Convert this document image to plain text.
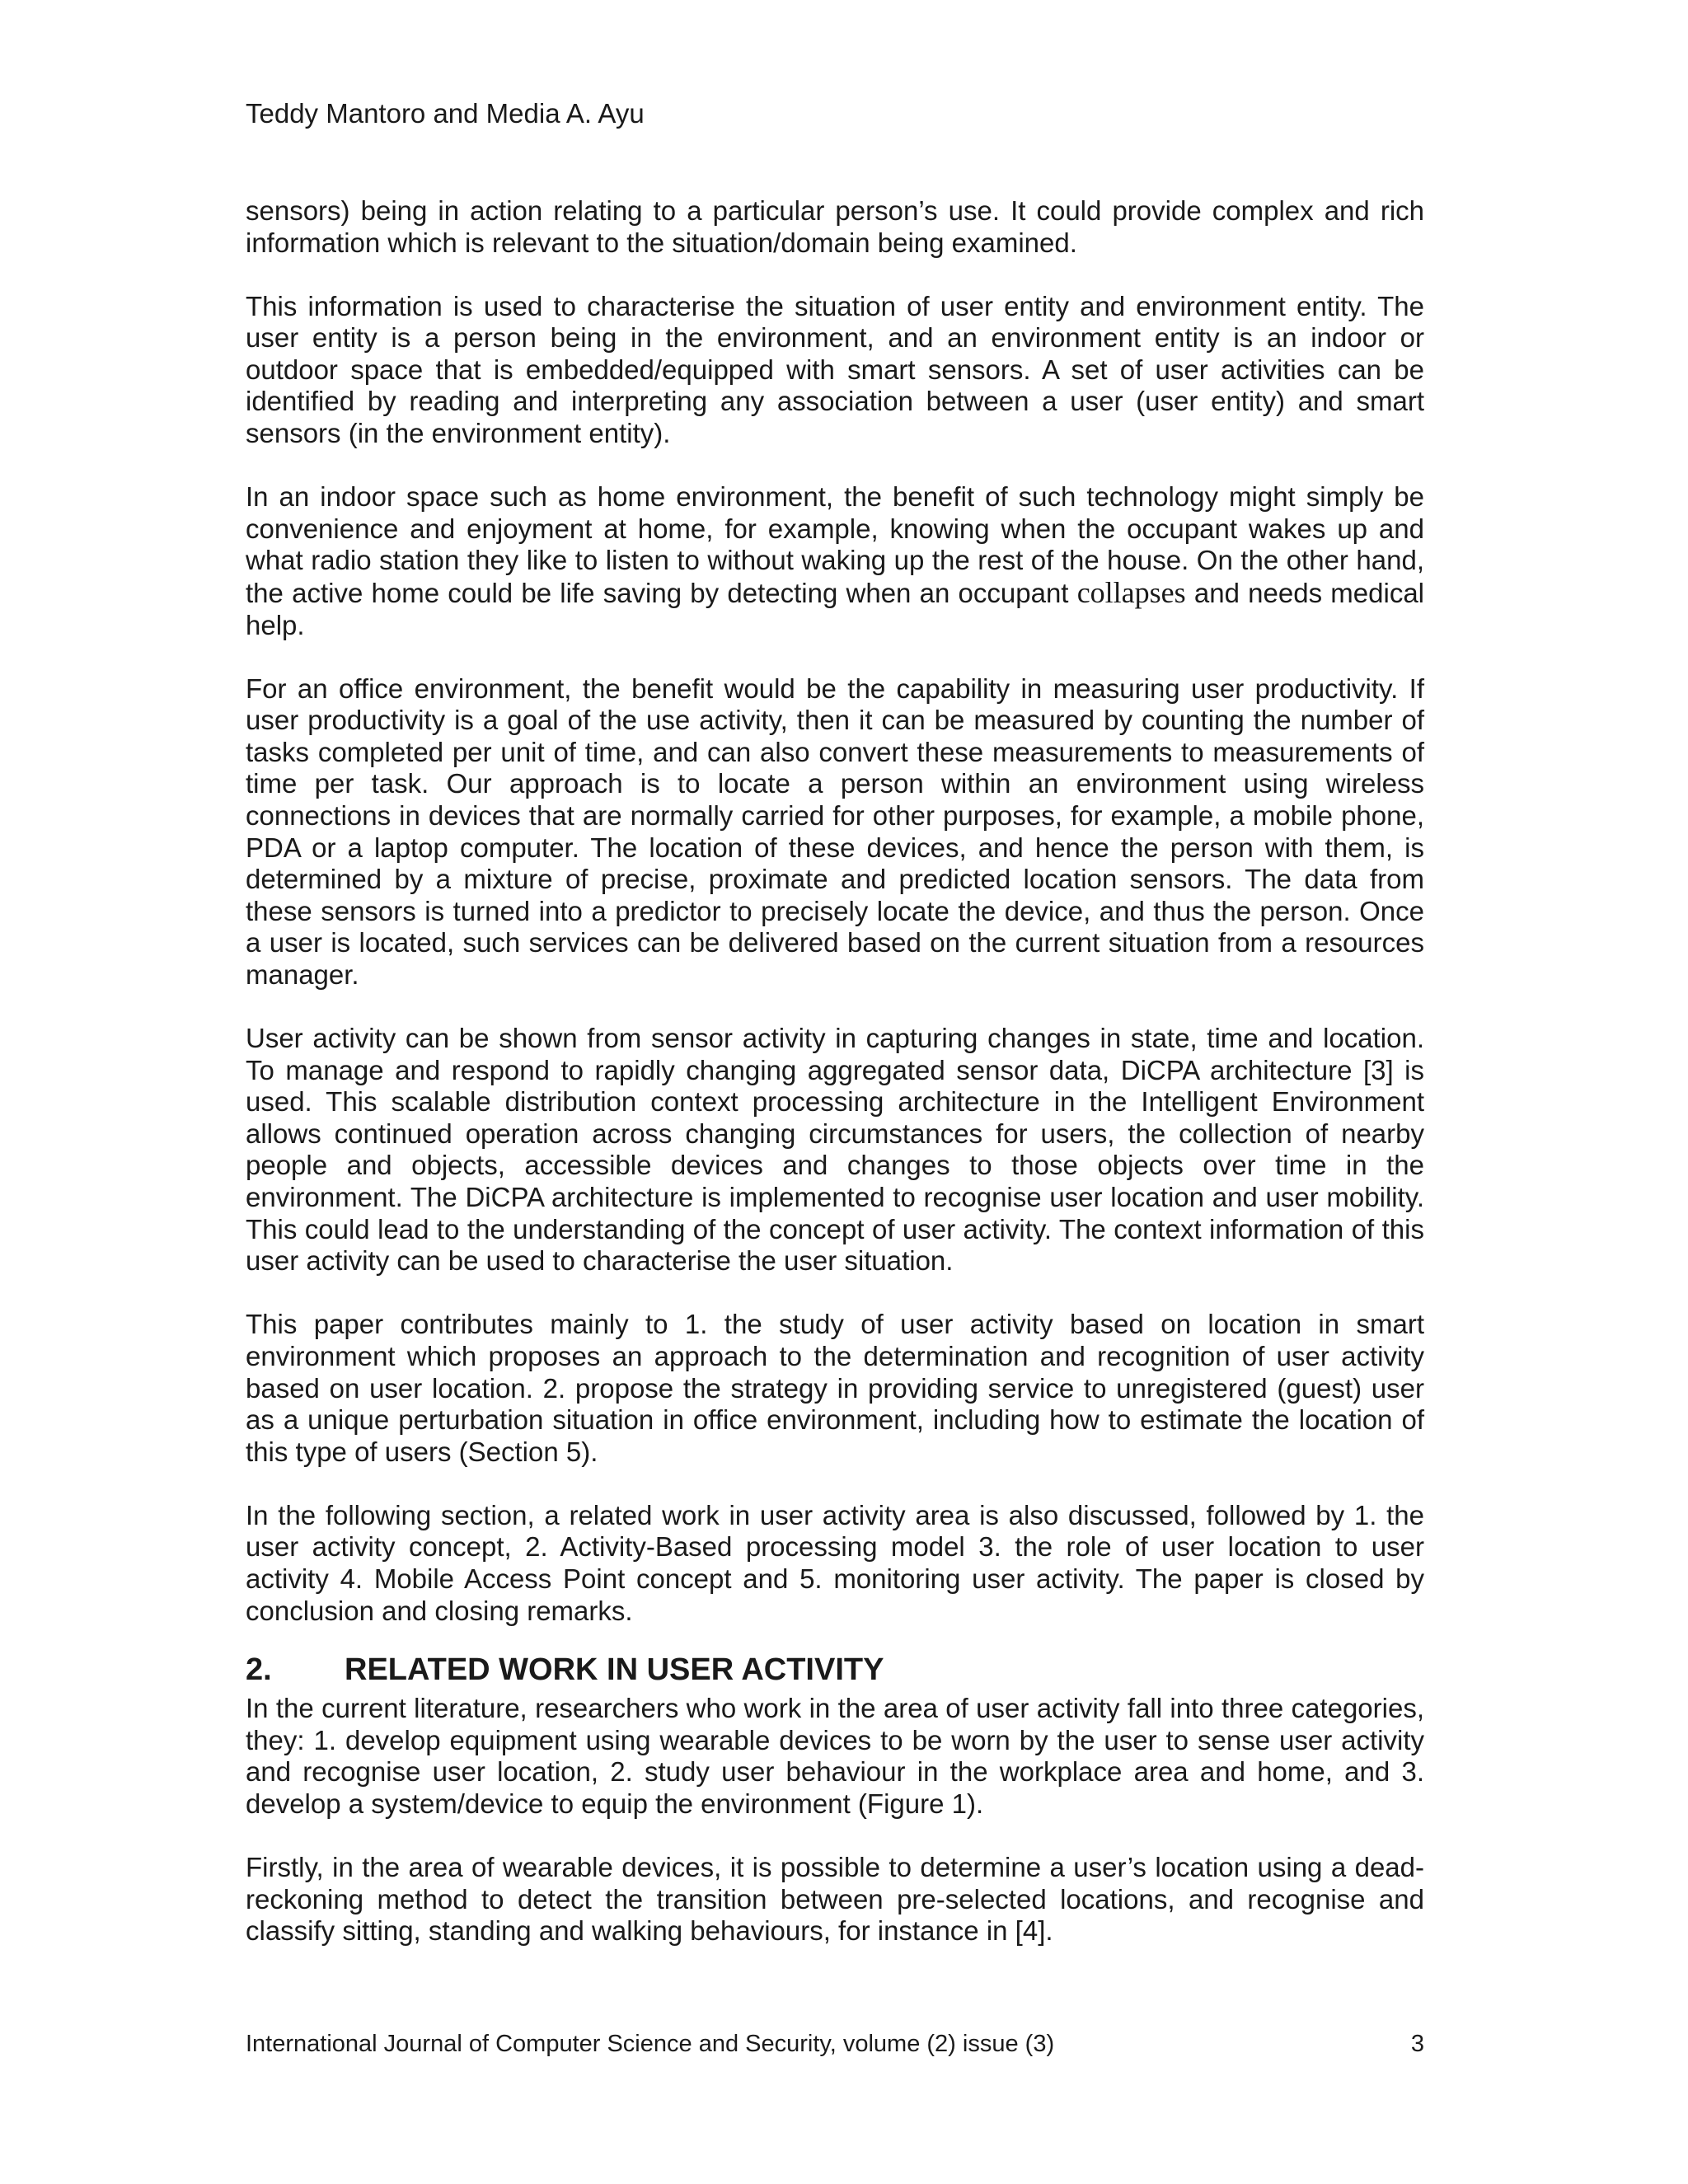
Teddy Mantoro and Media A. Ayu

sensors) being in action relating to a particular person’s use. It could provide complex and rich information which is relevant to the situation/domain being examined.

This information is used to characterise the situation of user entity and environment entity. The user entity is a person being in the environment, and an environment entity is an indoor or outdoor space that is embedded/equipped with smart sensors. A set of user activities can be identified by reading and interpreting any association between a user (user entity) and smart sensors (in the environment entity).

In an indoor space such as home environment, the benefit of such technology might simply be convenience and enjoyment at home, for example, knowing when the occupant wakes up and what radio station they like to listen to without waking up the rest of the house. On the other hand, the active home could be life saving by detecting when an occupant collapses and needs medical help.

For an office environment, the benefit would be the capability in measuring user productivity. If user productivity is a goal of the use activity, then it can be measured by counting the number of tasks completed per unit of time, and can also convert these measurements to measurements of time per task. Our approach is to locate a person within an environment using wireless connections in devices that are normally carried for other purposes, for example, a mobile phone, PDA or a laptop computer. The location of these devices, and hence the person with them, is determined by a mixture of precise, proximate and predicted location sensors. The data from these sensors is turned into a predictor to precisely locate the device, and thus the person. Once a user is located, such services can be delivered based on the current situation from a resources manager.

User activity can be shown from sensor activity in capturing changes in state, time and location. To manage and respond to rapidly changing aggregated sensor data, DiCPA architecture [3] is used. This scalable distribution context processing architecture in the Intelligent Environment allows continued operation across changing circumstances for users, the collection of nearby people and objects, accessible devices and changes to those objects over time in the environment. The DiCPA architecture is implemented to recognise user location and user mobility. This could lead to the understanding of the concept of user activity. The context information of this user activity can be used to characterise the user situation.

This paper contributes mainly to 1. the study of user activity based on location in smart environment which proposes an approach to the determination and recognition of user activity based on user location. 2. propose the strategy in providing service to unregistered (guest) user as a unique perturbation situation in office environment, including how to estimate the location of this type of users (Section 5).

In the following section, a related work in user activity area is also discussed, followed by 1. the user activity concept, 2. Activity-Based processing model 3. the role of user location to user activity 4. Mobile Access Point concept and 5. monitoring user activity. The paper is closed by conclusion and closing remarks.

2.	RELATED WORK IN USER ACTIVITY

In the current literature, researchers who work in the area of user activity fall into three categories, they: 1. develop equipment using wearable devices to be worn by the user to sense user activity and recognise user location, 2. study user behaviour in the workplace area and home, and 3. develop a system/device to equip the environment (Figure 1).

Firstly, in the area of wearable devices, it is possible to determine a user’s location using a dead-reckoning method to detect the transition between pre-selected locations, and recognise and classify sitting, standing and walking behaviours, for instance in [4].

International Journal of Computer Science and Security, volume (2) issue (3)	3
